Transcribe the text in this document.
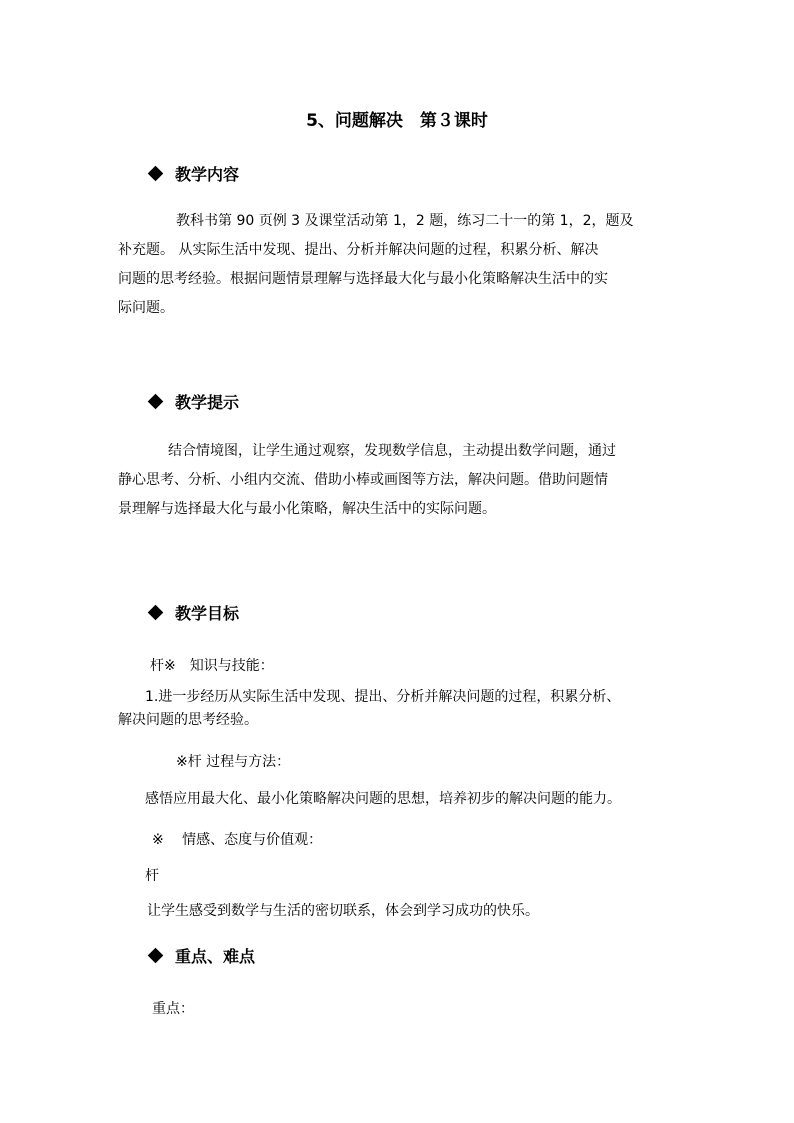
5、问题解决　第３课时
教学内容
教科书第 90 页例 3 及课堂活动第 1，2 题，练习二十一的第 1，2，题及
补充题。 从实际生活中发现、提出、分析并解决问题的过程，积累分析、解决
问题的思考经验。根据问题情景理解与选择最大化与最小化策略解决生活中的实
际问题。
教学提示
结合情境图，让学生通过观察，发现数学信息，主动提出数学问题，通过
静心思考、分析、小组内交流、借助小棒或画图等方法，解决问题。借助问题情
景理解与选择最大化与最小化策略，解决生活中的实际问题。
教学目标
杆※　知识与技能：
1.进一步经历从实际生活中发现、提出、分析并解决问题的过程，积累分析、
解决问题的思考经验。
※杆 过程与方法：
感悟应用最大化、最小化策略解决问题的思想，培养初步的解决问题的能力。
※　 情感、态度与价值观：
杆
让学生感受到数学与生活的密切联系，体会到学习成功的快乐。
重点、难点
重点：
